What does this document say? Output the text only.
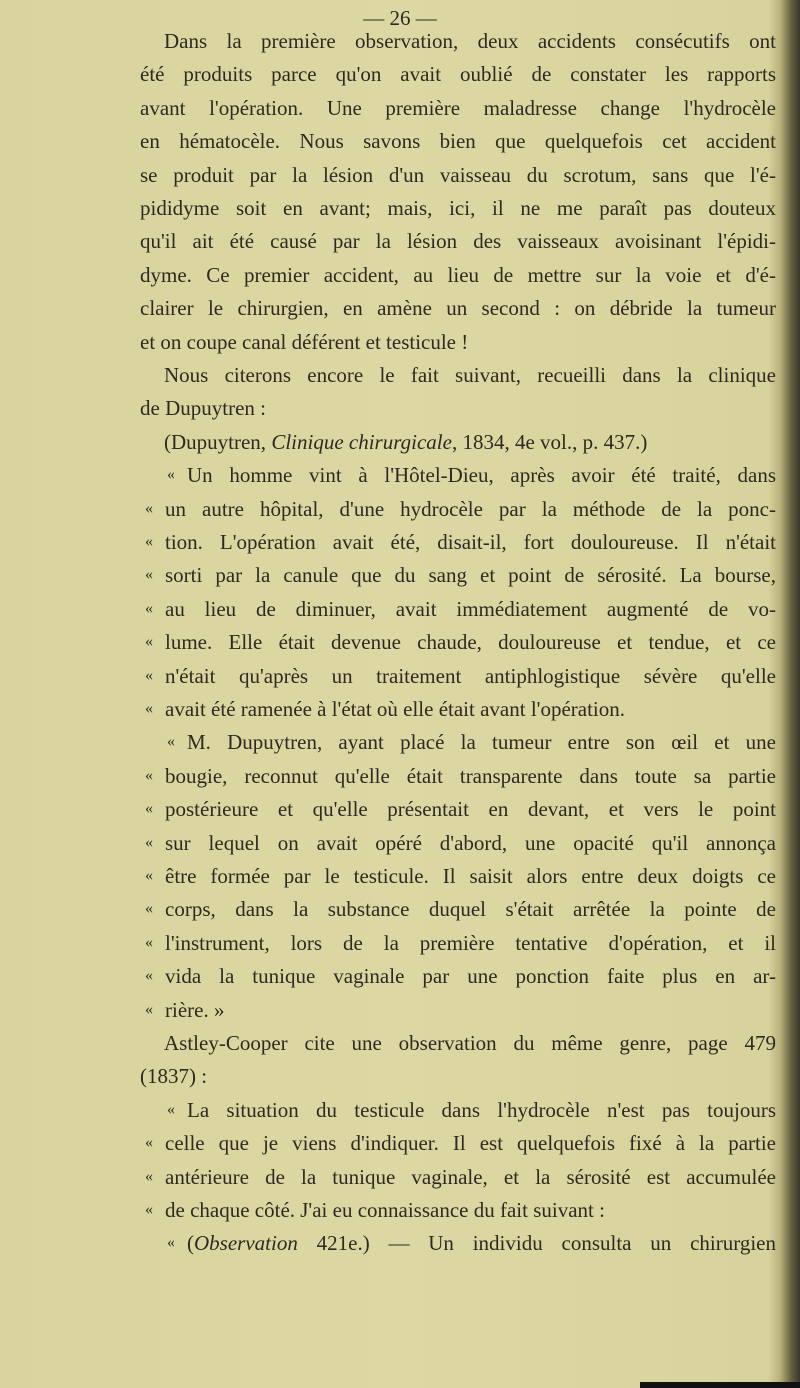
— 26 —
Dans la première observation, deux accidents consécutifs ont
été produits parce qu'on avait oublié de constater les rapports
avant l'opération. Une première maladresse change l'hydrocèle
en hématocèle. Nous savons bien que quelquefois cet accident
se produit par la lésion d'un vaisseau du scrotum, sans que l'é-
pididyme soit en avant; mais, ici, il ne me paraît pas douteux
qu'il ait été causé par la lésion des vaisseaux avoisinant l'épidi-
dyme. Ce premier accident, au lieu de mettre sur la voie et d'é-
clairer le chirurgien, en amène un second : on débride la tumeur
et on coupe canal déférent et testicule !
Nous citerons encore le fait suivant, recueilli dans la clinique
de Dupuytren :
(Dupuytren, Clinique chirurgicale, 1834, 4e vol., p. 437.)
« Un homme vint à l'Hôtel-Dieu, après avoir été traité, dans
« un autre hôpital, d'une hydrocèle par la méthode de la ponc-
« tion. L'opération avait été, disait-il, fort douloureuse. Il n'était
« sorti par la canule que du sang et point de sérosité. La bourse,
« au lieu de diminuer, avait immédiatement augmenté de vo-
« lume. Elle était devenue chaude, douloureuse et tendue, et ce
« n'était qu'après un traitement antiphlogistique sévère qu'elle
« avait été ramenée à l'état où elle était avant l'opération.
« M. Dupuytren, ayant placé la tumeur entre son œil et une
« bougie, reconnut qu'elle était transparente dans toute sa partie
« postérieure et qu'elle présentait en devant, et vers le point
« sur lequel on avait opéré d'abord, une opacité qu'il annonça
« être formée par le testicule. Il saisit alors entre deux doigts ce
« corps, dans la substance duquel s'était arrêtée la pointe de
« l'instrument, lors de la première tentative d'opération, et il
« vida la tunique vaginale par une ponction faite plus en ar-
« rière. »
Astley-Cooper cite une observation du même genre, page 479
(1837) :
« La situation du testicule dans l'hydrocèle n'est pas toujours
« celle que je viens d'indiquer. Il est quelquefois fixé à la partie
« antérieure de la tunique vaginale, et la sérosité est accumulée
« de chaque côté. J'ai eu connaissance du fait suivant :
« (Observation 421e.) — Un individu consulta un chirurgien
